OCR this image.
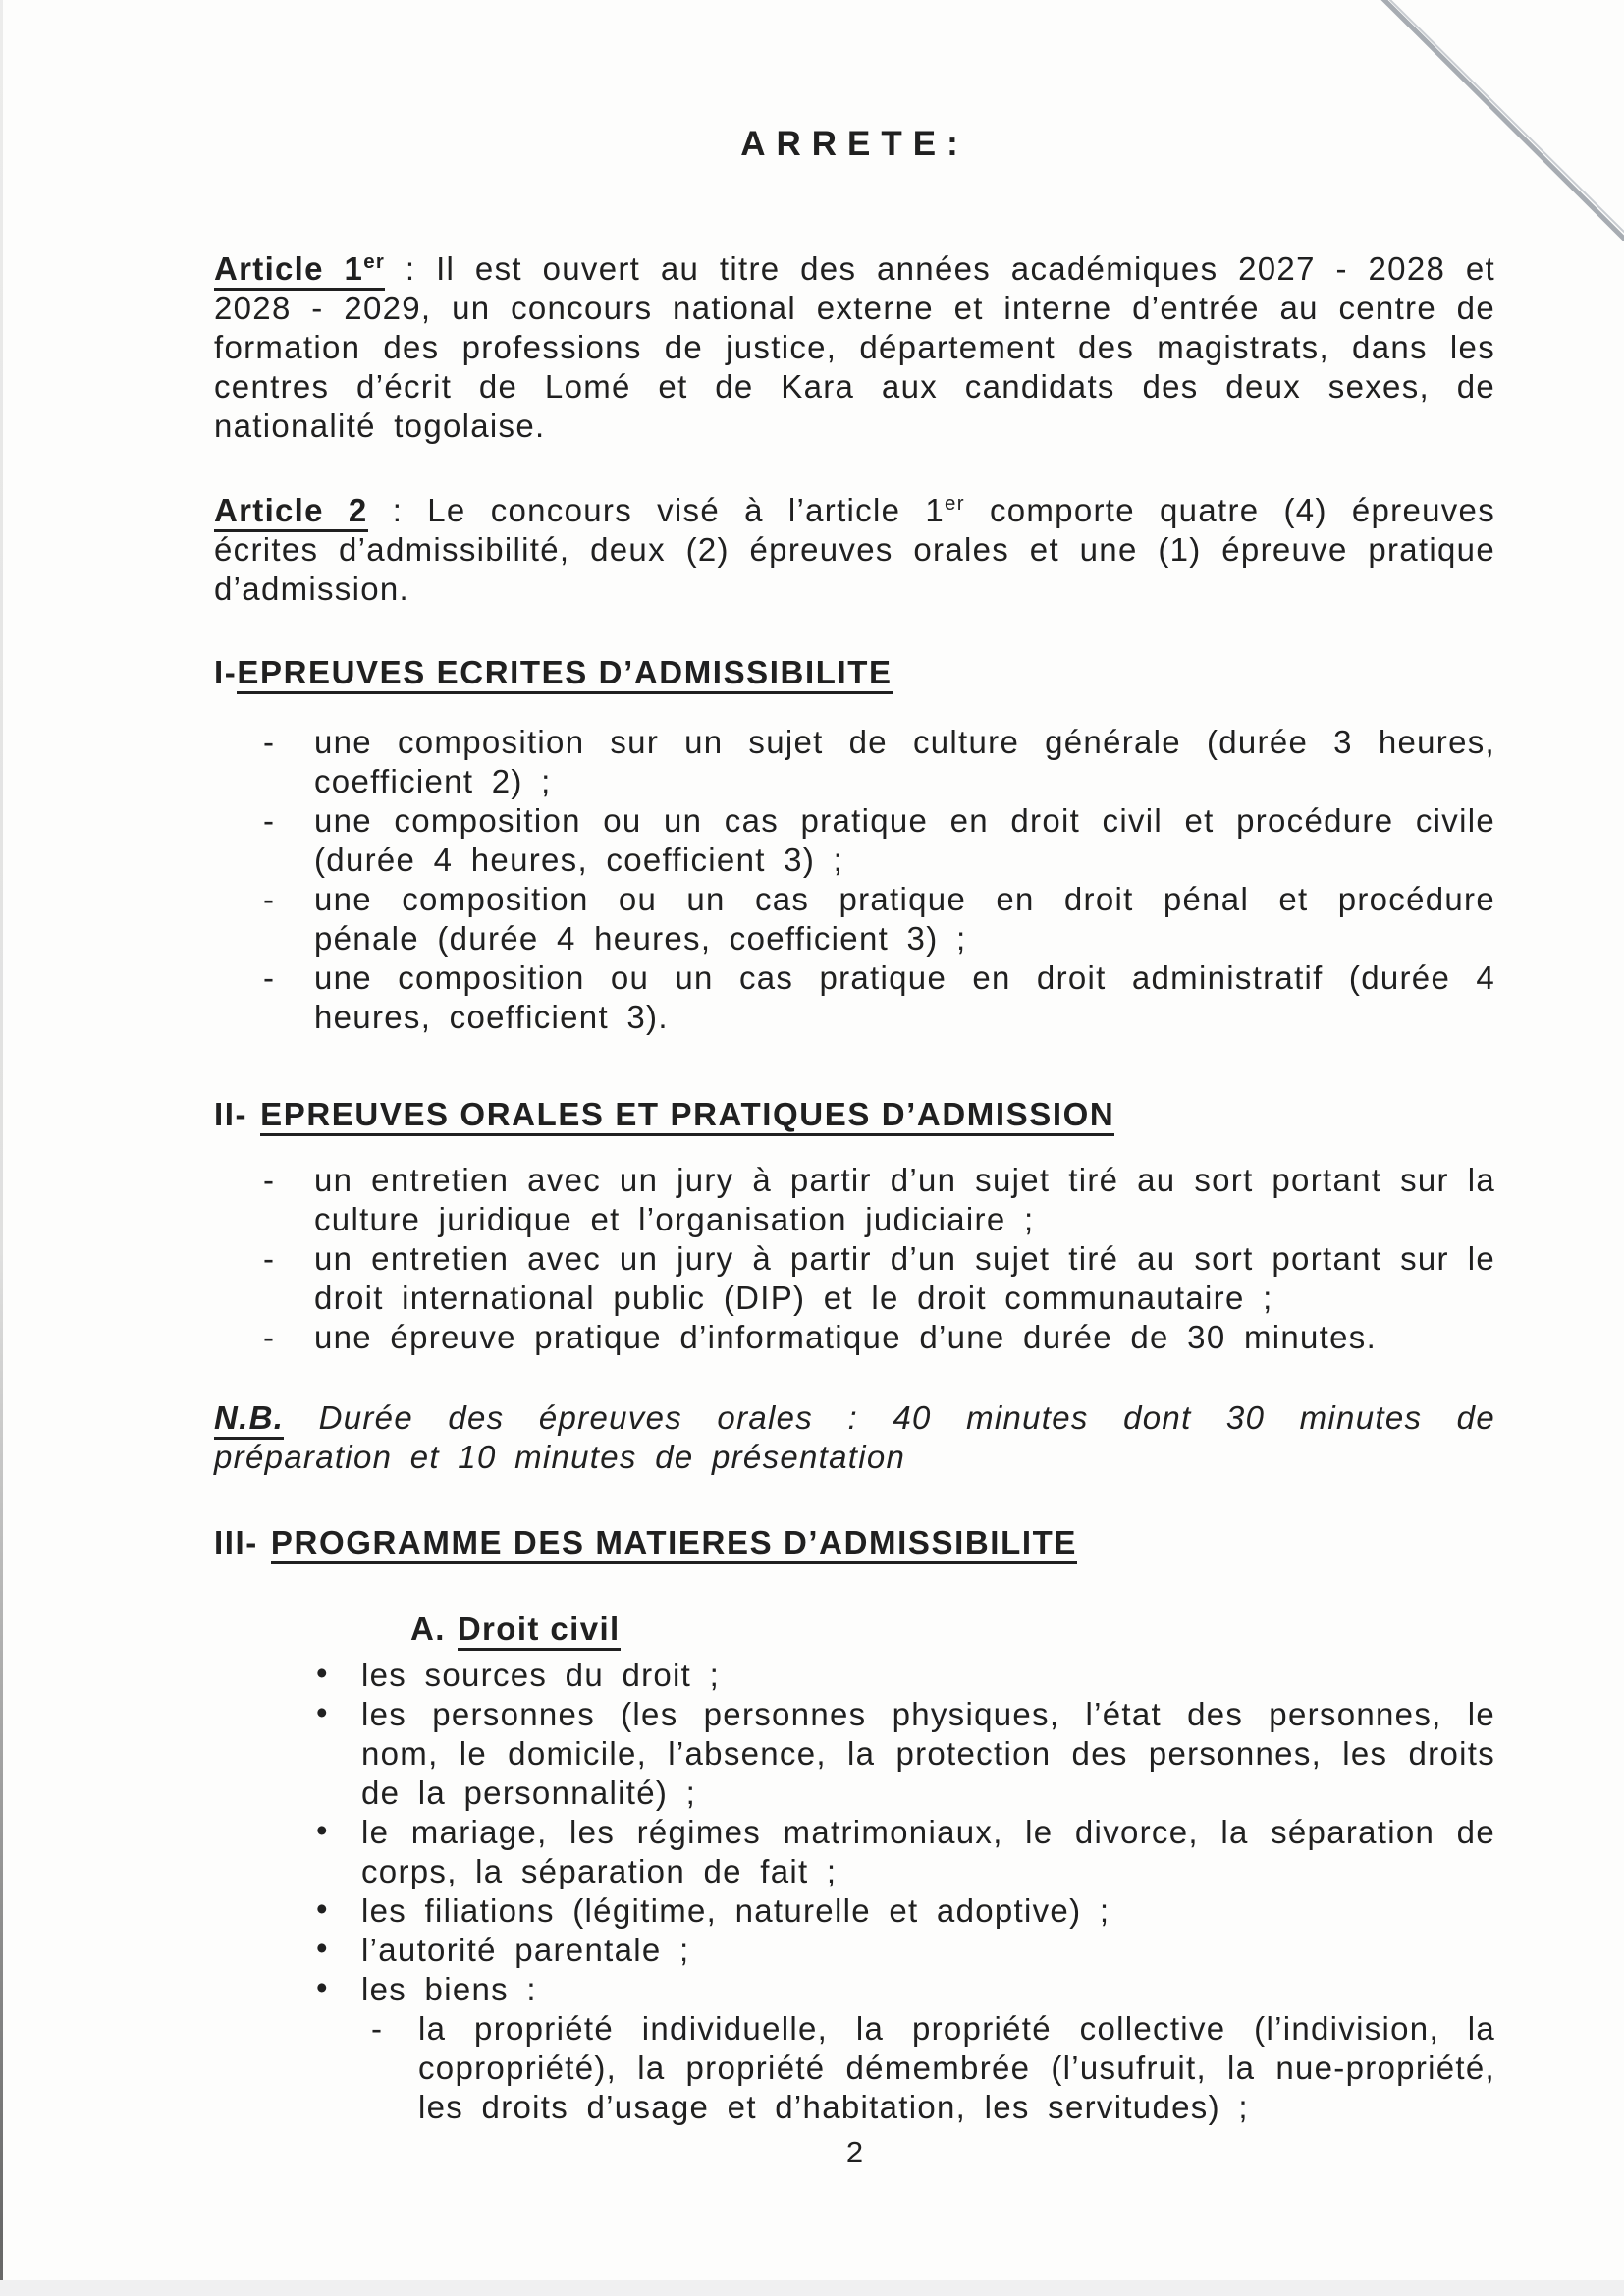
ARRETE:

Article 1er : Il est ouvert au titre des années académiques 2027 - 2028 et 2028 - 2029, un concours national externe et interne d’entrée au centre de formation des professions de justice, département des magistrats, dans les centres d’écrit de Lomé et de Kara aux candidats des deux sexes, de nationalité togolaise.

Article 2 : Le concours visé à l’article 1er comporte quatre (4) épreuves écrites d’admissibilité, deux (2) épreuves orales et une (1) épreuve pratique d’admission.

I-EPREUVES ECRITES D’ADMISSIBILITE
- une composition sur un sujet de culture générale (durée 3 heures, coefficient 2) ;
- une composition ou un cas pratique en droit civil et procédure civile (durée 4 heures, coefficient 3) ;
- une composition ou un cas pratique en droit pénal et procédure pénale (durée 4 heures, coefficient 3) ;
- une composition ou un cas pratique en droit administratif (durée 4 heures, coefficient 3).
II- EPREUVES ORALES ET PRATIQUES D’ADMISSION
- un entretien avec un jury à partir d’un sujet tiré au sort portant sur la culture juridique et l’organisation judiciaire ;
- un entretien avec un jury à partir d’un sujet tiré au sort portant sur le droit international public (DIP) et le droit communautaire ;
- une épreuve pratique d’informatique d’une durée de 30 minutes.

N.B. Durée des épreuves orales : 40 minutes dont 30 minutes de préparation et 10 minutes de présentation

III- PROGRAMME DES MATIERES D’ADMISSIBILITE
A. Droit civil
• les sources du droit ;
• les personnes (les personnes physiques, l’état des personnes, le nom, le domicile, l’absence, la protection des personnes, les droits de la personnalité) ;
• le mariage, les régimes matrimoniaux, le divorce, la séparation de corps, la séparation de fait ;
• les filiations (légitime, naturelle et adoptive) ;
• l’autorité parentale ;
• les biens :
- la propriété individuelle, la propriété collective (l’indivision, la copropriété), la propriété démembrée (l’usufruit, la nue-propriété, les droits d’usage et d’habitation, les servitudes) ;
2
